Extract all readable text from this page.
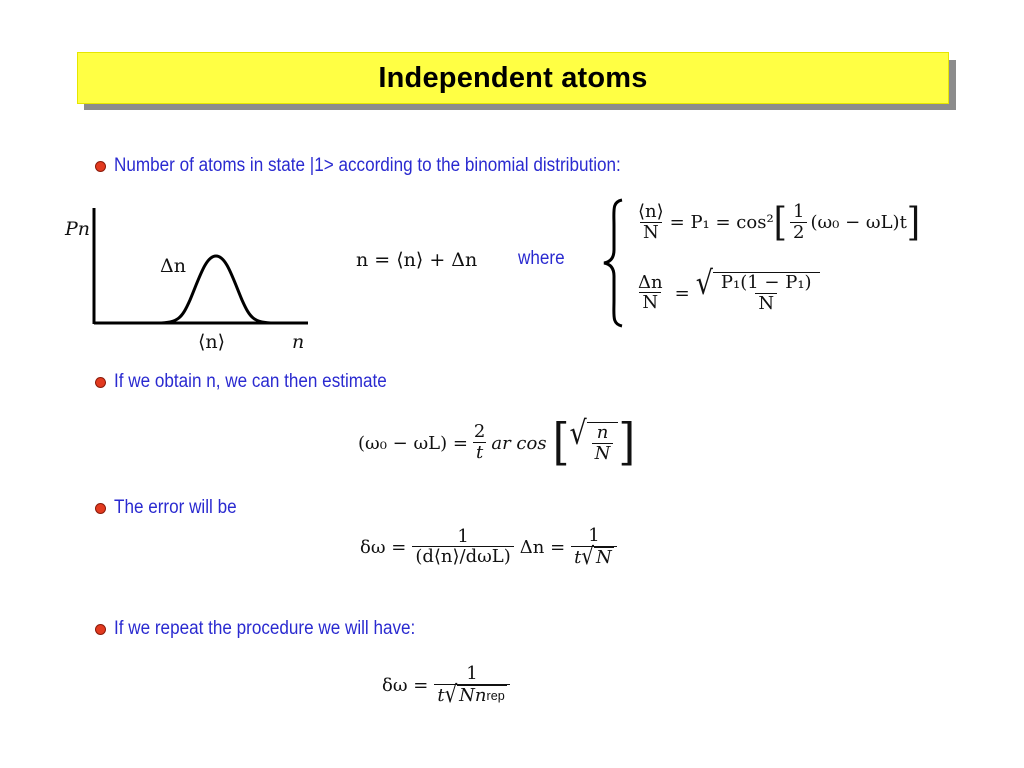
Independent atoms
Number of atoms in state |1> according to the binomial distribution:
Pn
Δn
⟨n⟩	n
n = ⟨n⟩ + Δn where
$\frac{⟨n⟩}{N} = P_1 = \cos^2$ [ $\frac{1}{2} (\omega_0 - \omega L)t$ ]
$\frac{\Delta n}{N}$ = √ $\frac{\text{P₁(1 − P₁)}}{N}$
If we obtain n, we can then estimate
$(\omega_0 - \omega L) = \frac{2}{t}$ ar cos [ √ $\frac{n}{N}$ ]
The error will be
$\delta\omega = \frac{1}{\text{(d⟨n⟩/dωL)}}$ $\Delta n = \frac{1}{t √ N}$
If we repeat the procedure we will have:
$\delta\omega = \frac{1}{\text{t √ Nn rep}}$
